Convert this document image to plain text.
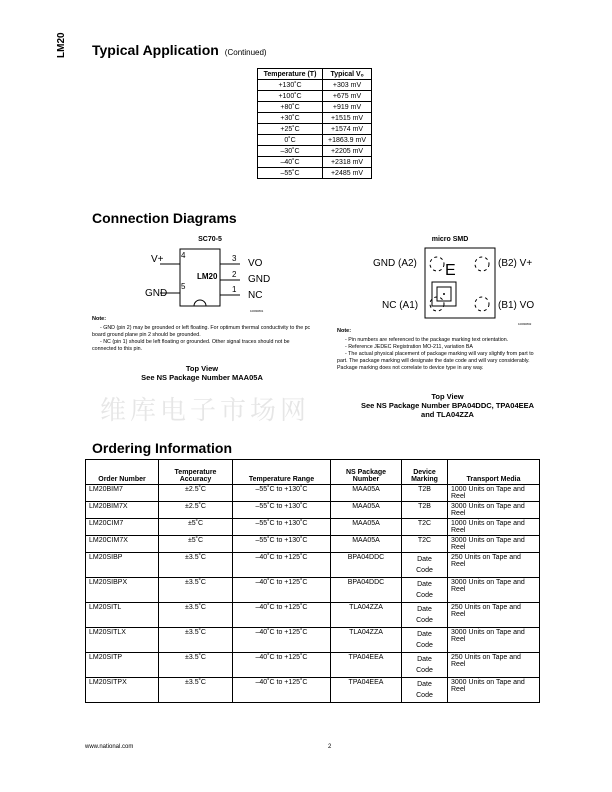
LM20 Typical Application (Continued)
Temperature (T)	Typical Vₒ
+130˚C	+303 mV
+100˚C	+675 mV
+80˚C	+919 mV
+30˚C	+1515 mV
+25˚C	+1574 mV
0˚C	+1863.9 mV
–30˚C	+2205 mV
–40˚C	+2318 mV
–55˚C	+2485 mV
Connection Diagrams
SC70-5
V+ 4
5
GND
LM20
3
2
1
VO
GND
NC
10090801
Note:

- GND (pin 2) may be grounded or left floating. For optimum thermal conductivity to the pc board ground plane pin 2 should be grounded.

- NC (pin 1) should be left floating or grounded. Other signal traces should not be connected to this pin.

Top View
See NS Package Number MAA05A
micro SMD
E
GND (A2)	(B2) V+
NC (A1)	(B1) VO
10090802
Note:

- Pin numbers are referenced to the package marking text orientation.

- Reference JEDEC Registration MO-211, variation BA

- The actual physical placement of package marking will vary slightly from part to part. The package marking will designate the date code and will vary considerably. Package marking does not correlate to device type in any way.

Top View
See NS Package Number BPA04DDC, TPA04EEA and TLA04ZZA
维库电子市场网
Ordering Information
Order Number	Temperature Accuracy	Temperature Range	NS Package Number	Device Marking	Transport Media
LM20BIM7	±2.5˚C	–55˚C to +130˚C	MAA05A	T2B	1000 Units on Tape and Reel
LM20BIM7X	±2.5˚C	–55˚C to +130˚C	MAA05A	T2B	3000 Units on Tape and Reel
LM20CIM7	±5˚C	–55˚C to +130˚C	MAA05A	T2C	1000 Units on Tape and Reel
LM20CIM7X	±5˚C	–55˚C to +130˚C	MAA05A	T2C	3000 Units on Tape and Reel
LM20SIBP	±3.5˚C	–40˚C to +125˚C	BPA04DDC	Date Code	250 Units on Tape and Reel
LM20SIBPX	±3.5˚C	–40˚C to +125˚C	BPA04DDC	Date Code	3000 Units on Tape and Reel
LM20SITL	±3.5˚C	–40˚C to +125˚C	TLA04ZZA	Date Code	250 Units on Tape and Reel
LM20SITLX	±3.5˚C	–40˚C to +125˚C	TLA04ZZA	Date Code	3000 Units on Tape and Reel
LM20SITP	±3.5˚C	–40˚C to +125˚C	TPA04EEA	Date Code	250 Units on Tape and Reel
LM20SITPX	±3.5˚C	–40˚C to +125˚C	TPA04EEA	Date Code	3000 Units on Tape and Reel
www.national.com	2
